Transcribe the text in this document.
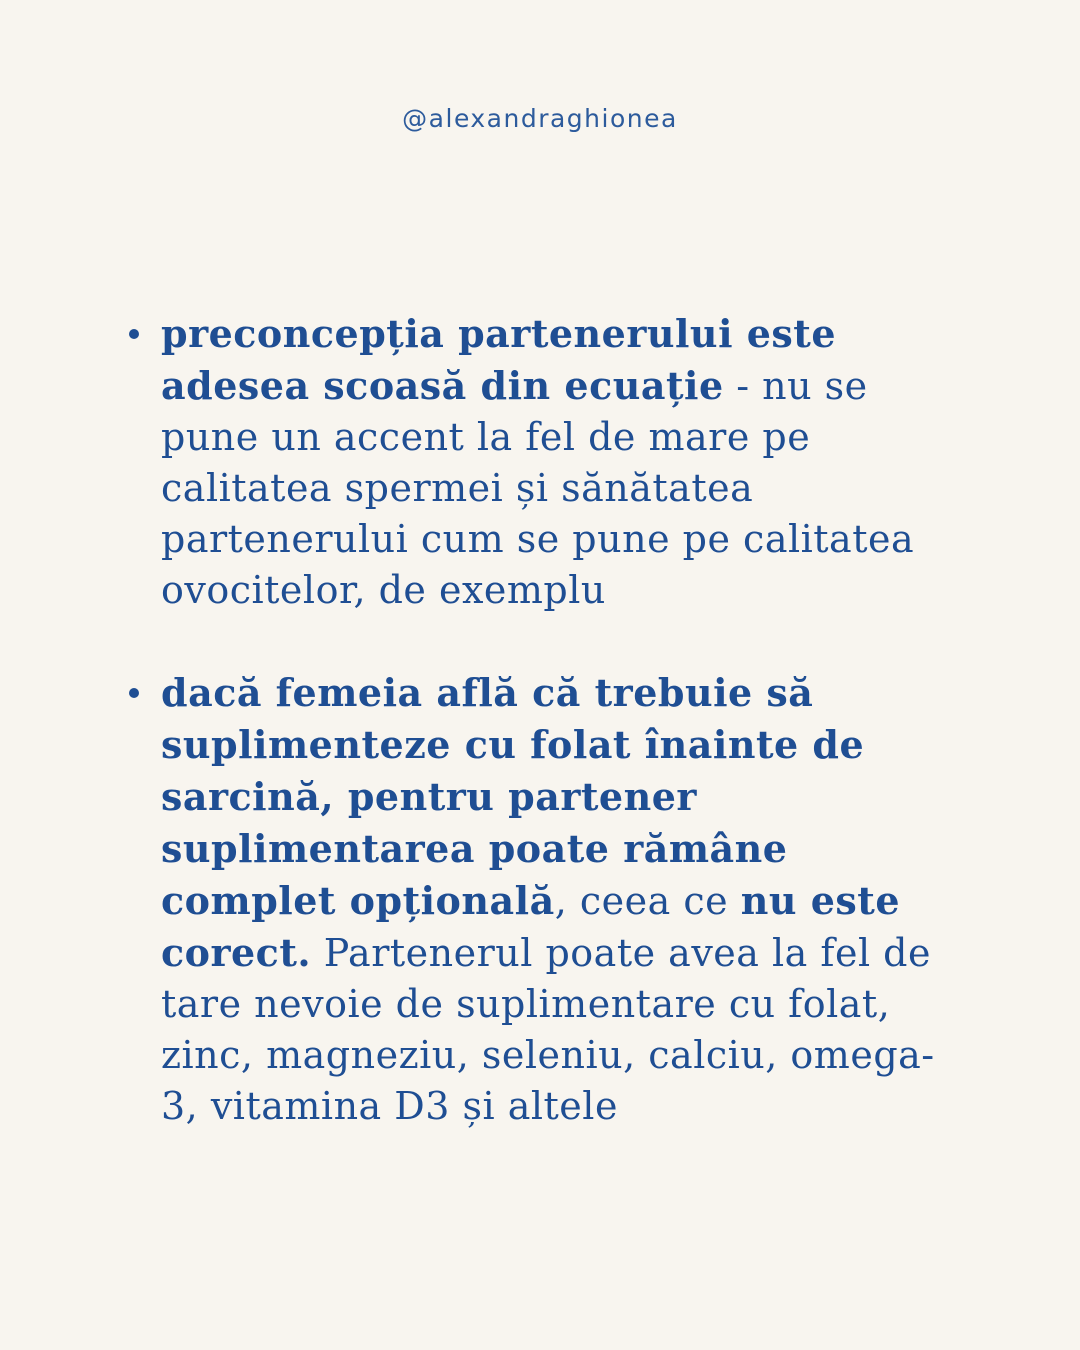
@alexandraghionea
preconcepția partenerului este adesea scoasă din ecuație - nu se pune un accent la fel de mare pe calitatea spermei și sănătatea partenerului cum se pune pe calitatea ovocitelor, de exemplu
dacă femeia află că trebuie să suplimenteze cu folat înainte de sarcină, pentru partener suplimentarea poate rămâne complet opțională, ceea ce nu este corect. Partenerul poate avea la fel de tare nevoie de suplimentare cu folat, zinc, magneziu, seleniu, calciu, omega-3, vitamina D3 și altele
